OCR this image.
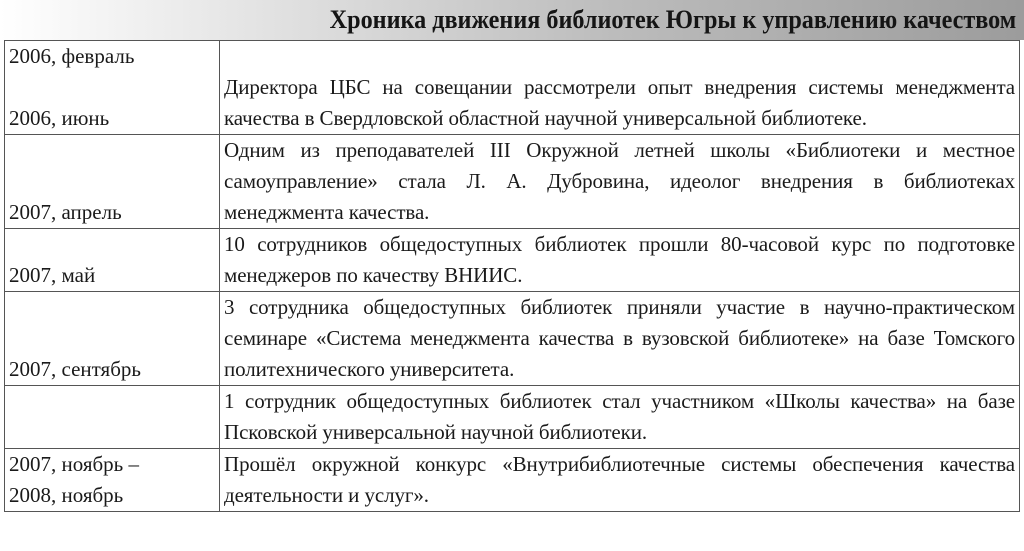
Хроника движения библиотек Югры к управлению качеством
2006, февраль
2006, июнь	Директора ЦБС на совещании рассмотрели опыт внедрения системы менеджмента качества в Свердловской областной научной универсальной библиотеке.

2007, апрель	Одним из преподавателей III Окружной летней школы «Библиотеки и местное самоуправление» стала Л. А. Дубровина, идеолог внедрения в библиотеках менеджмента качества.

2007, май	10 сотрудников общедоступных библиотек прошли 80-часовой курс по подготовке менеджеров по качеству ВНИИС.

2007, сентябрь	3 сотрудника общедоступных библиотек приняли участие в научно-практическом семинаре «Система менеджмента качества в вузовской библиотеке» на базе Томского политехнического университета.

	1 сотрудник общедоступных библиотек стал участником «Школы качества» на базе Псковской универсальной научной библиотеки.

2007, ноябрь –
2008, ноябрь	Прошёл окружной конкурс «Внутрибиблиотечные системы обеспечения качества деятельности и услуг».
